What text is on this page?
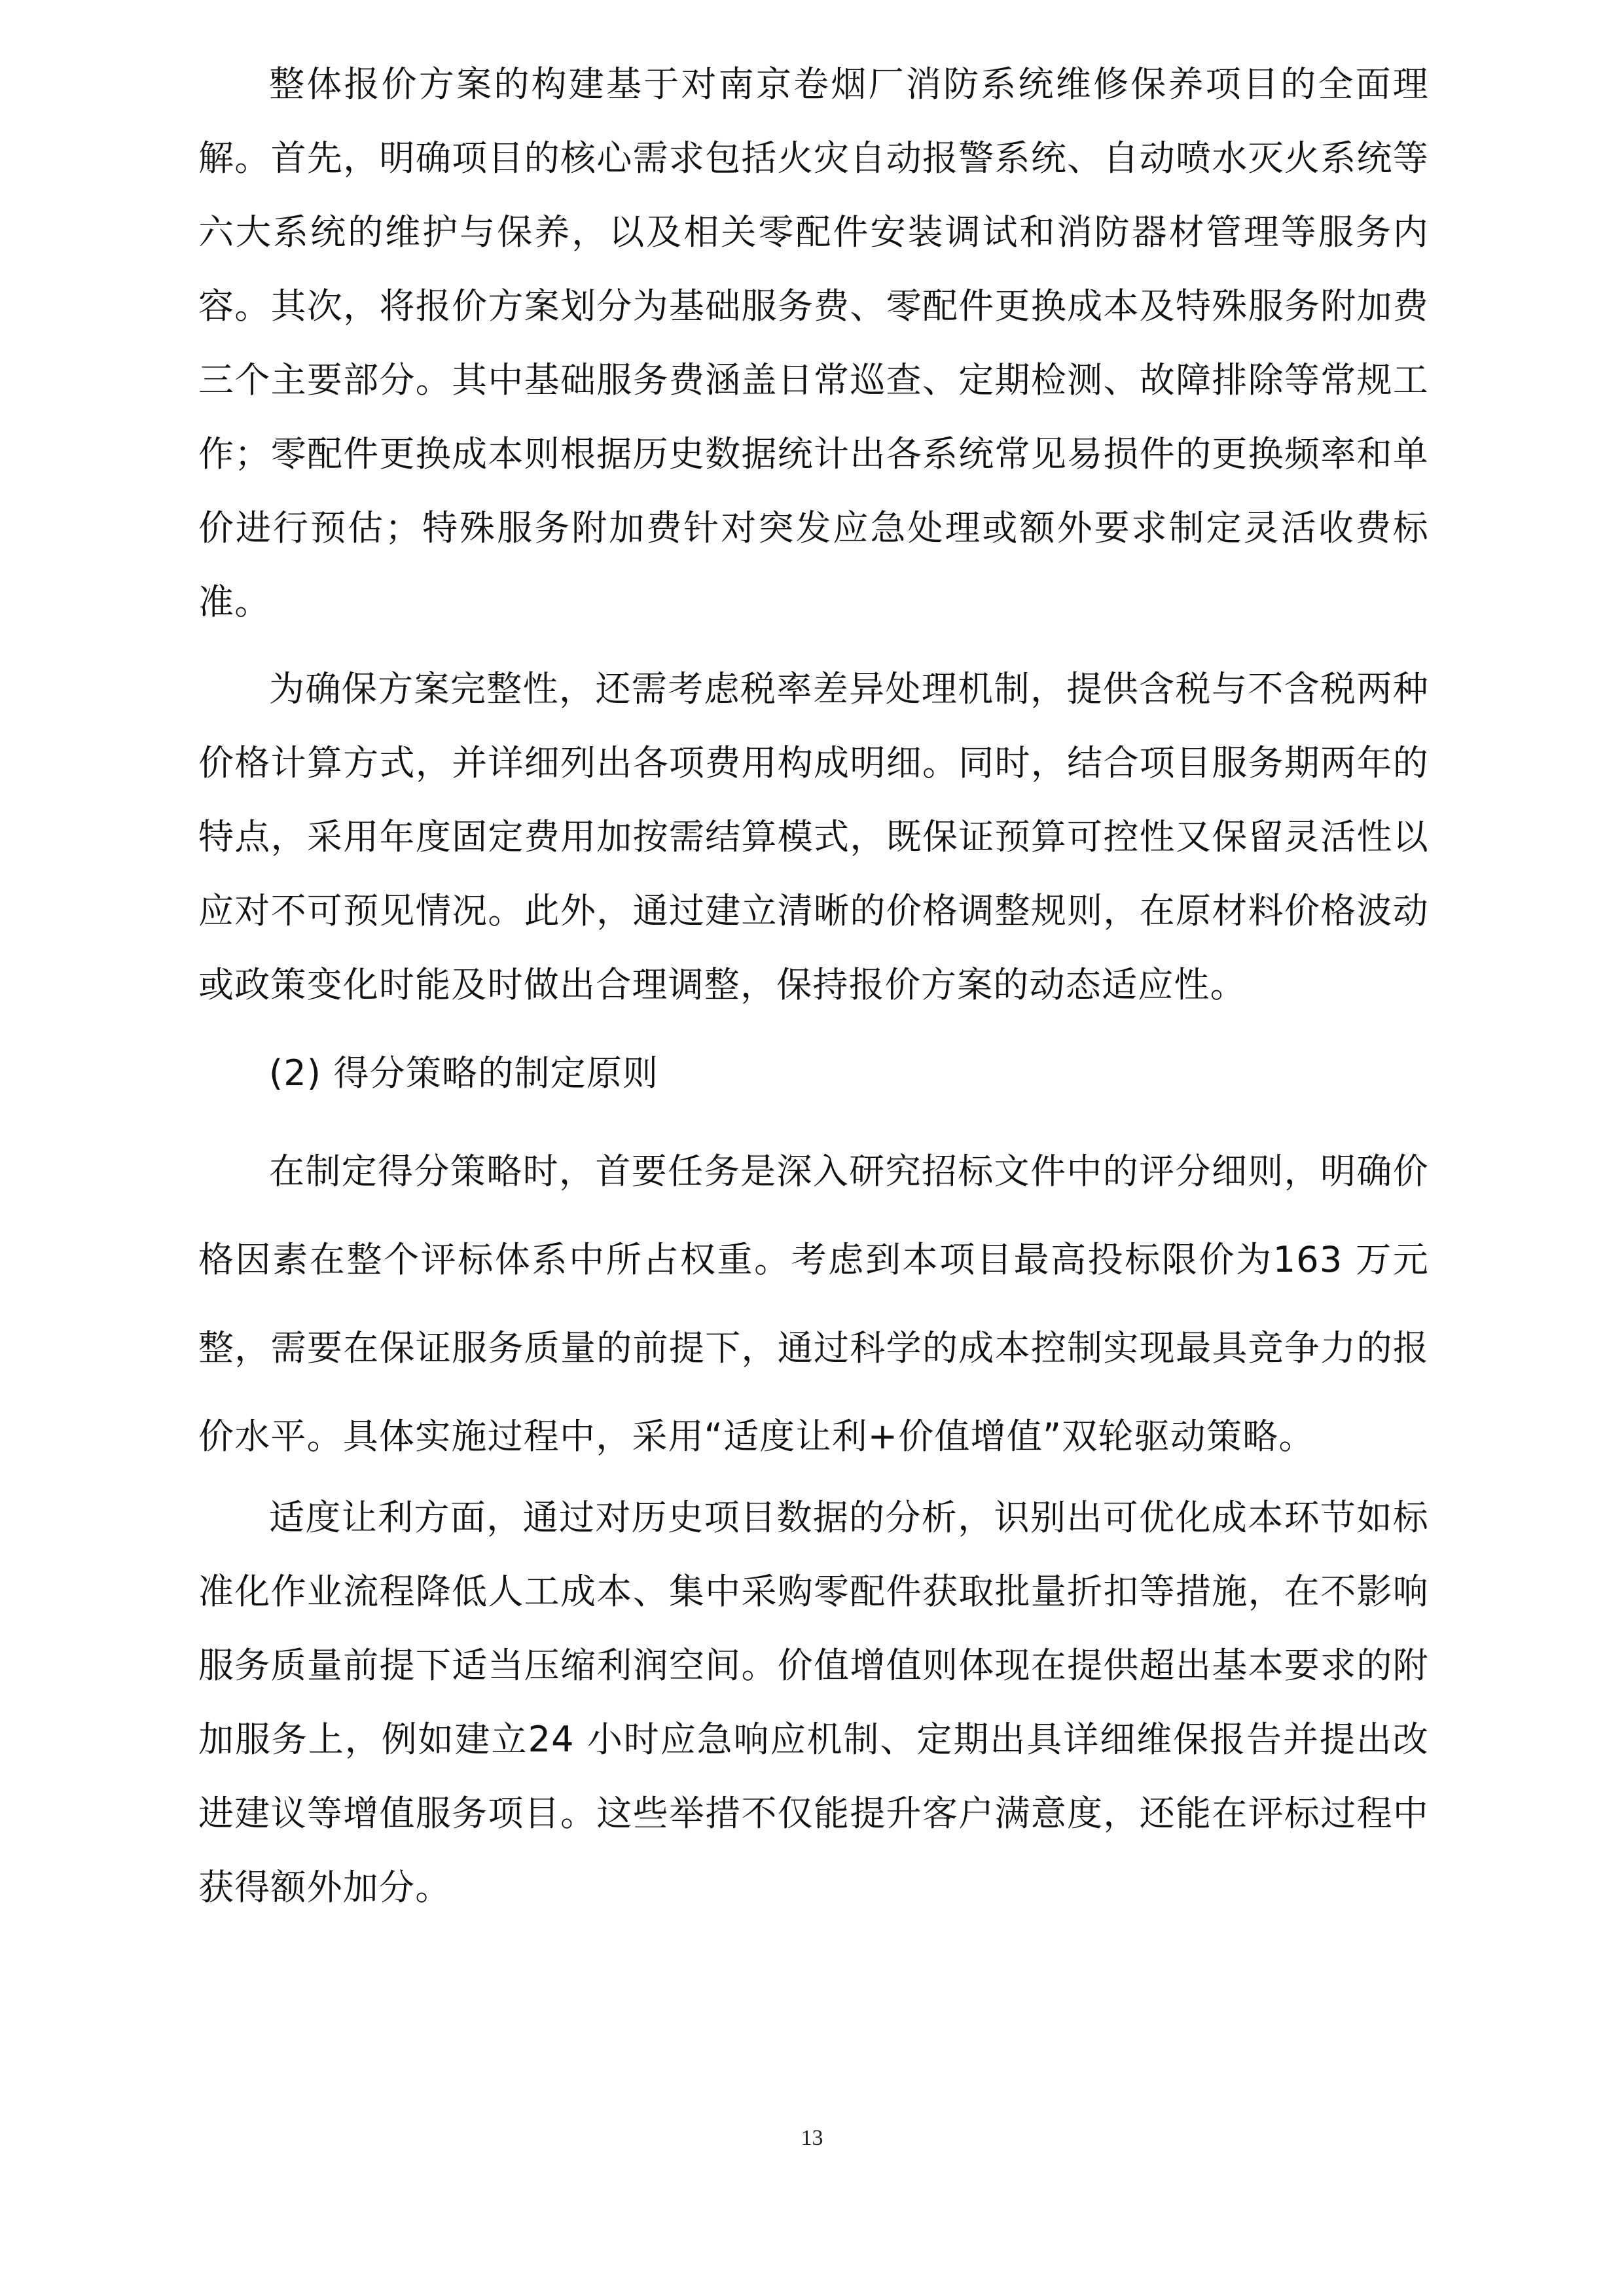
整体报价方案的构建基于对南京卷烟厂消防系统维修保养项目的全面理解。首先，明确项目的核心需求包括火灾自动报警系统、自动喷水灭火系统等六大系统的维护与保养，以及相关零配件安装调试和消防器材管理等服务内容。其次，将报价方案划分为基础服务费、零配件更换成本及特殊服务附加费三个主要部分。其中基础服务费涵盖日常巡查、定期检测、故障排除等常规工作；零配件更换成本则根据历史数据统计出各系统常见易损件的更换频率和单价进行预估；特殊服务附加费针对突发应急处理或额外要求制定灵活收费标准。

为确保方案完整性，还需考虑税率差异处理机制，提供含税与不含税两种价格计算方式，并详细列出各项费用构成明细。同时，结合项目服务期两年的特点，采用年度固定费用加按需结算模式，既保证预算可控性又保留灵活性以应对不可预见情况。此外，通过建立清晰的价格调整规则，在原材料价格波动或政策变化时能及时做出合理调整，保持报价方案的动态适应性。

(2) 得分策略的制定原则

在制定得分策略时，首要任务是深入研究招标文件中的评分细则，明确价格因素在整个评标体系中所占权重。考虑到本项目最高投标限价为163 万元整，需要在保证服务质量的前提下，通过科学的成本控制实现最具竞争力的报价水平。具体实施过程中，采用“适度让利+价值增值”双轮驱动策略。

适度让利方面，通过对历史项目数据的分析，识别出可优化成本环节如标准化作业流程降低人工成本、集中采购零配件获取批量折扣等措施，在不影响服务质量前提下适当压缩利润空间。价值增值则体现在提供超出基本要求的附加服务上，例如建立24 小时应急响应机制、定期出具详细维保报告并提出改进建议等增值服务项目。这些举措不仅能提升客户满意度，还能在评标过程中获得额外加分。

13
